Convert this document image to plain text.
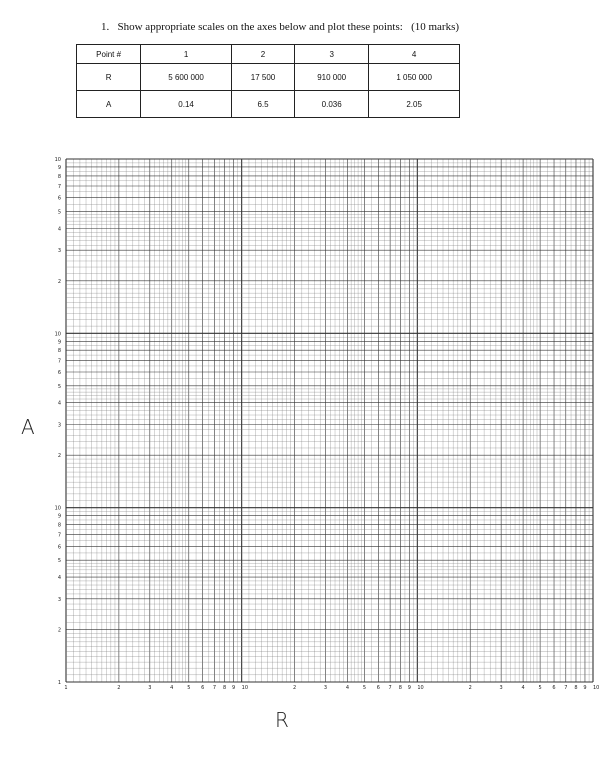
1. Show appropriate scales on the axes below and plot these points: (10 marks)
Point #	1	2	3	4
R	5 600 000	17 500	910 000	1 050 000
A	0.14	6.5	0.036	2.05
1
2
3
4
5
6
7
8
9
10
2
3
4
5
6
7
8
9
10
2
3
4
5
6
7
8
9
10
1	2	3	4	5 6 7 8 9 10	2	3	4	5 6 7 8 9 10	2	3	4	5 6 7 8 9 10
A
R
